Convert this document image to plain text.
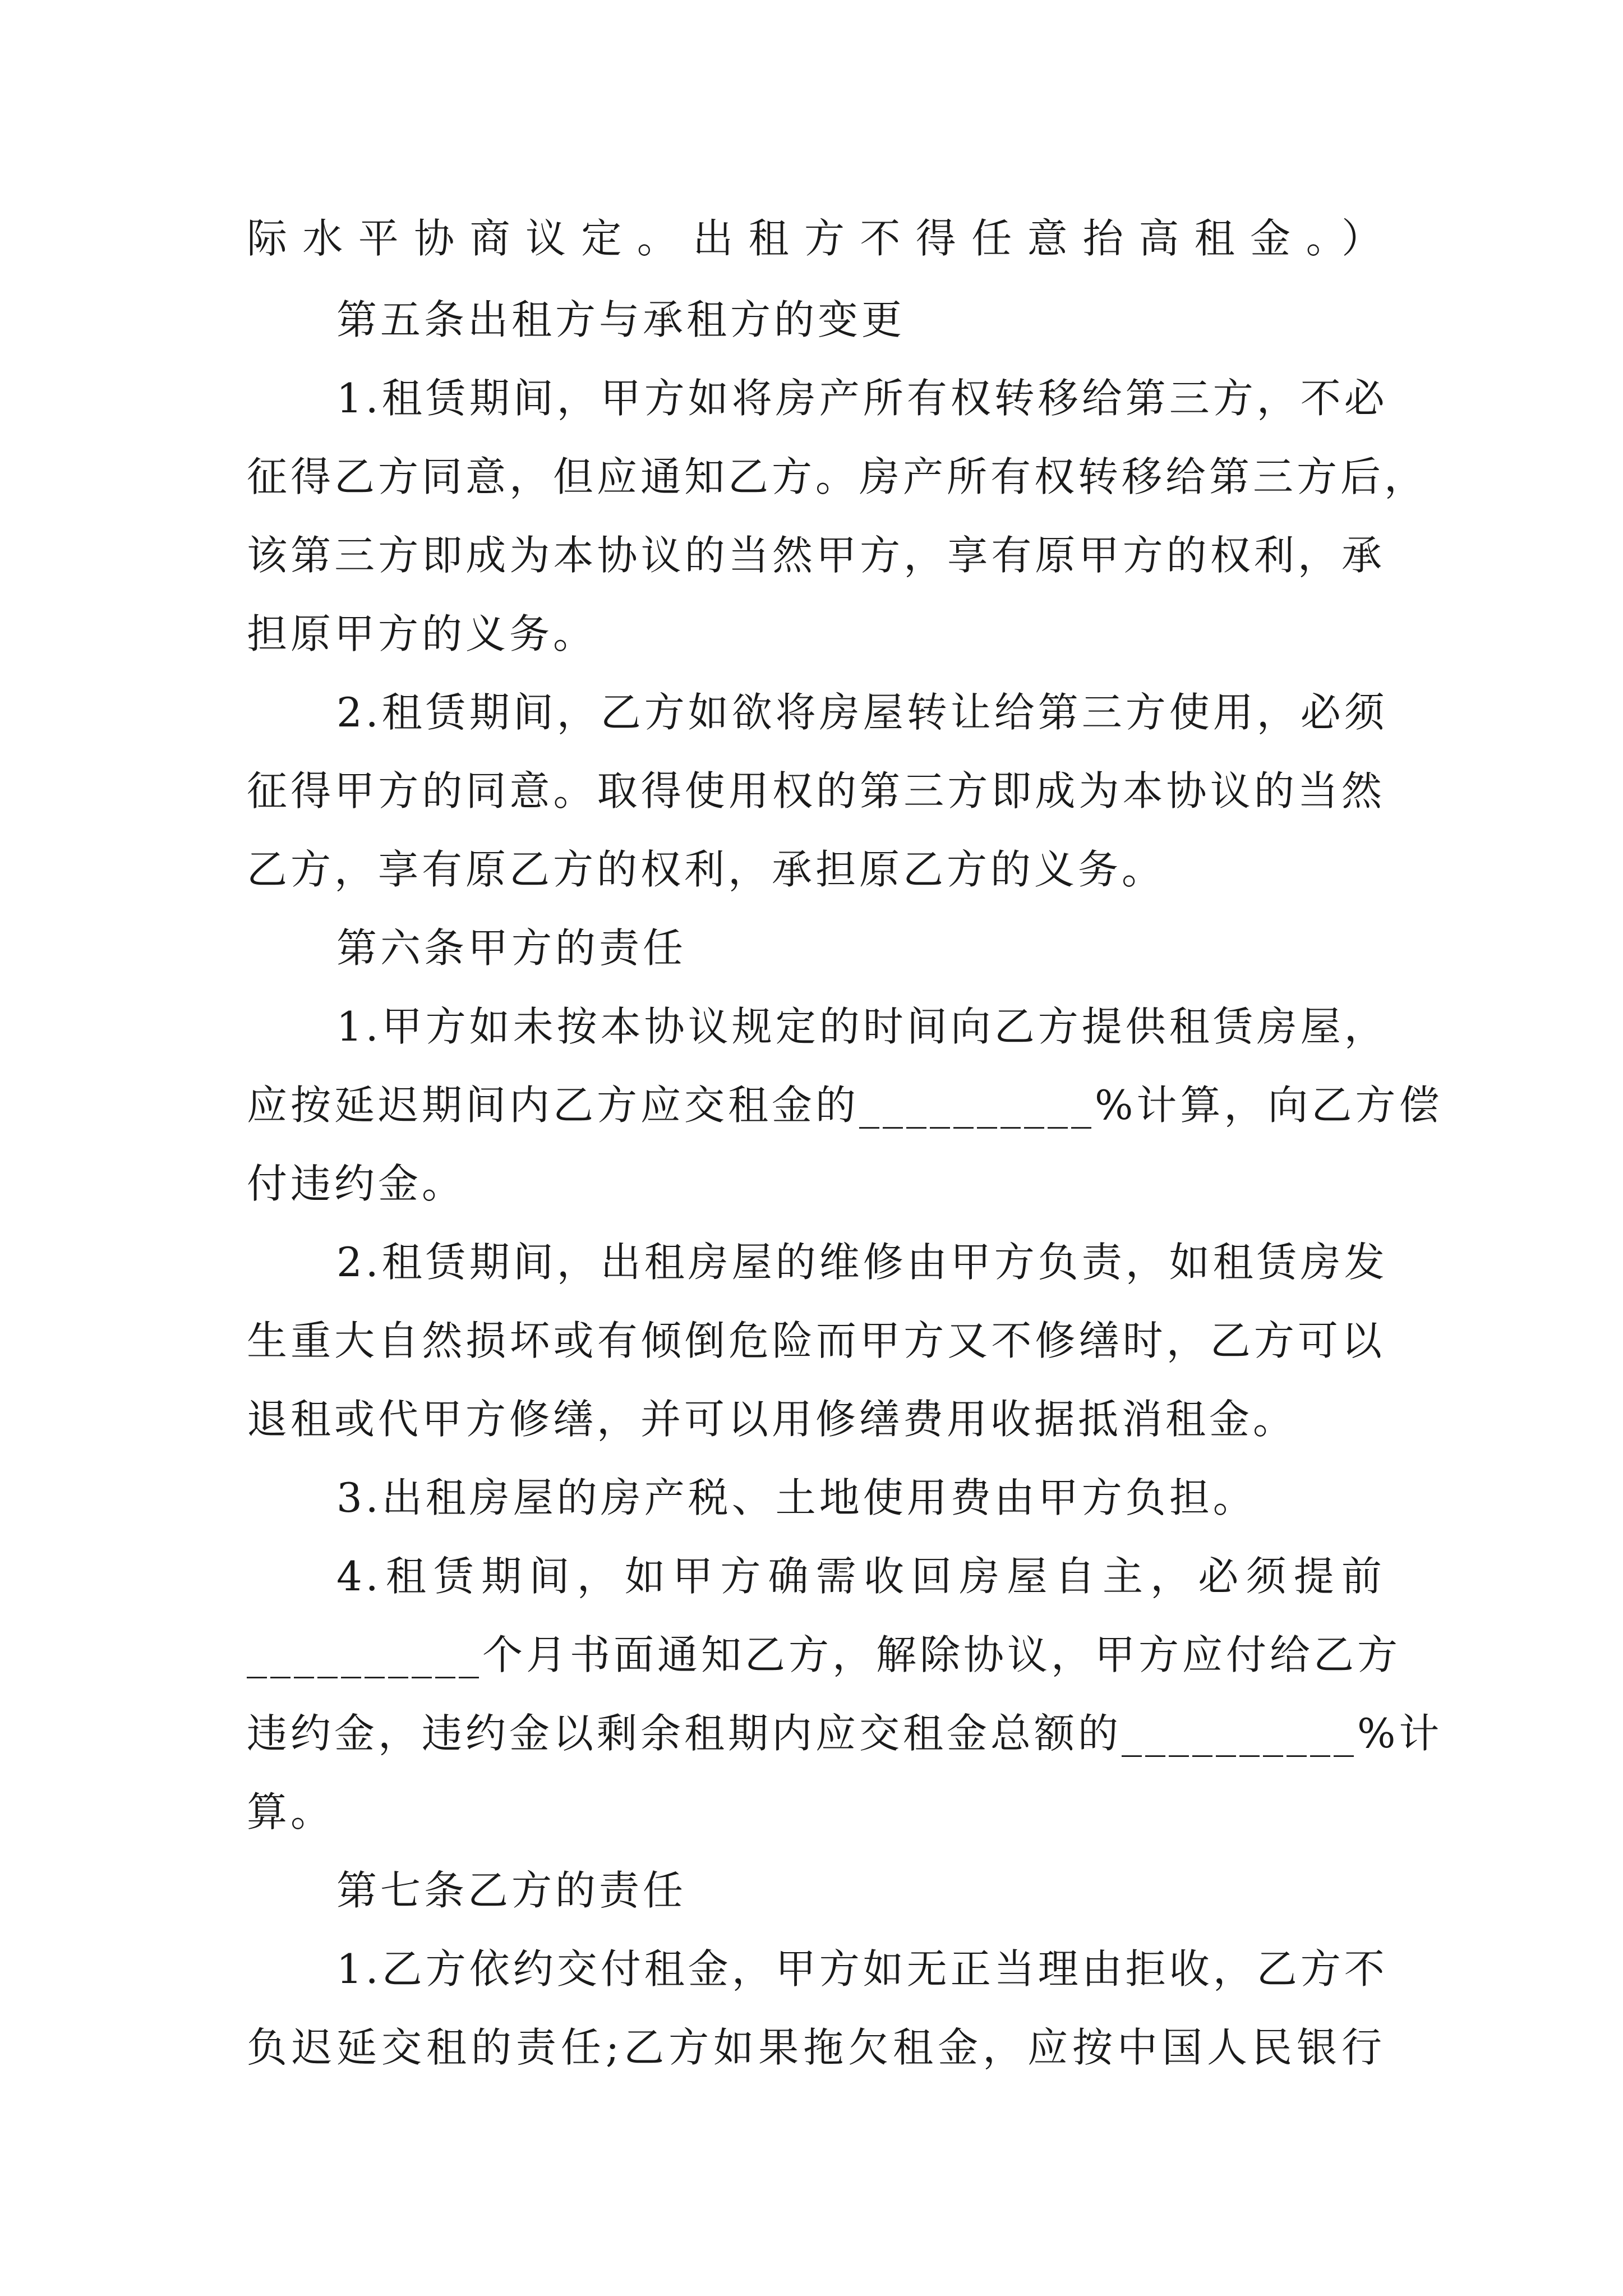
际水平协商议定。出租方不得任意抬高租金。）
第五条出租方与承租方的变更
1.租赁期间，甲方如将房产所有权转移给第三方，不必
征得乙方同意，但应通知乙方。房产所有权转移给第三方后，
该第三方即成为本协议的当然甲方，享有原甲方的权利，承
担原甲方的义务。
2.租赁期间，乙方如欲将房屋转让给第三方使用，必须
征得甲方的同意。取得使用权的第三方即成为本协议的当然
乙方，享有原乙方的权利，承担原乙方的义务。
第六条甲方的责任
1.甲方如未按本协议规定的时间向乙方提供租赁房屋，
应按延迟期间内乙方应交租金的__________%计算，向乙方偿
付违约金。
2.租赁期间，出租房屋的维修由甲方负责，如租赁房发
生重大自然损坏或有倾倒危险而甲方又不修缮时，乙方可以
退租或代甲方修缮，并可以用修缮费用收据抵消租金。
3.出租房屋的房产税、土地使用费由甲方负担。
4.租赁期间，如甲方确需收回房屋自主，必须提前
__________个月书面通知乙方，解除协议，甲方应付给乙方
违约金，违约金以剩余租期内应交租金总额的__________%计
算。
第七条乙方的责任
1.乙方依约交付租金，甲方如无正当理由拒收，乙方不
负迟延交租的责任;乙方如果拖欠租金，应按中国人民银行
